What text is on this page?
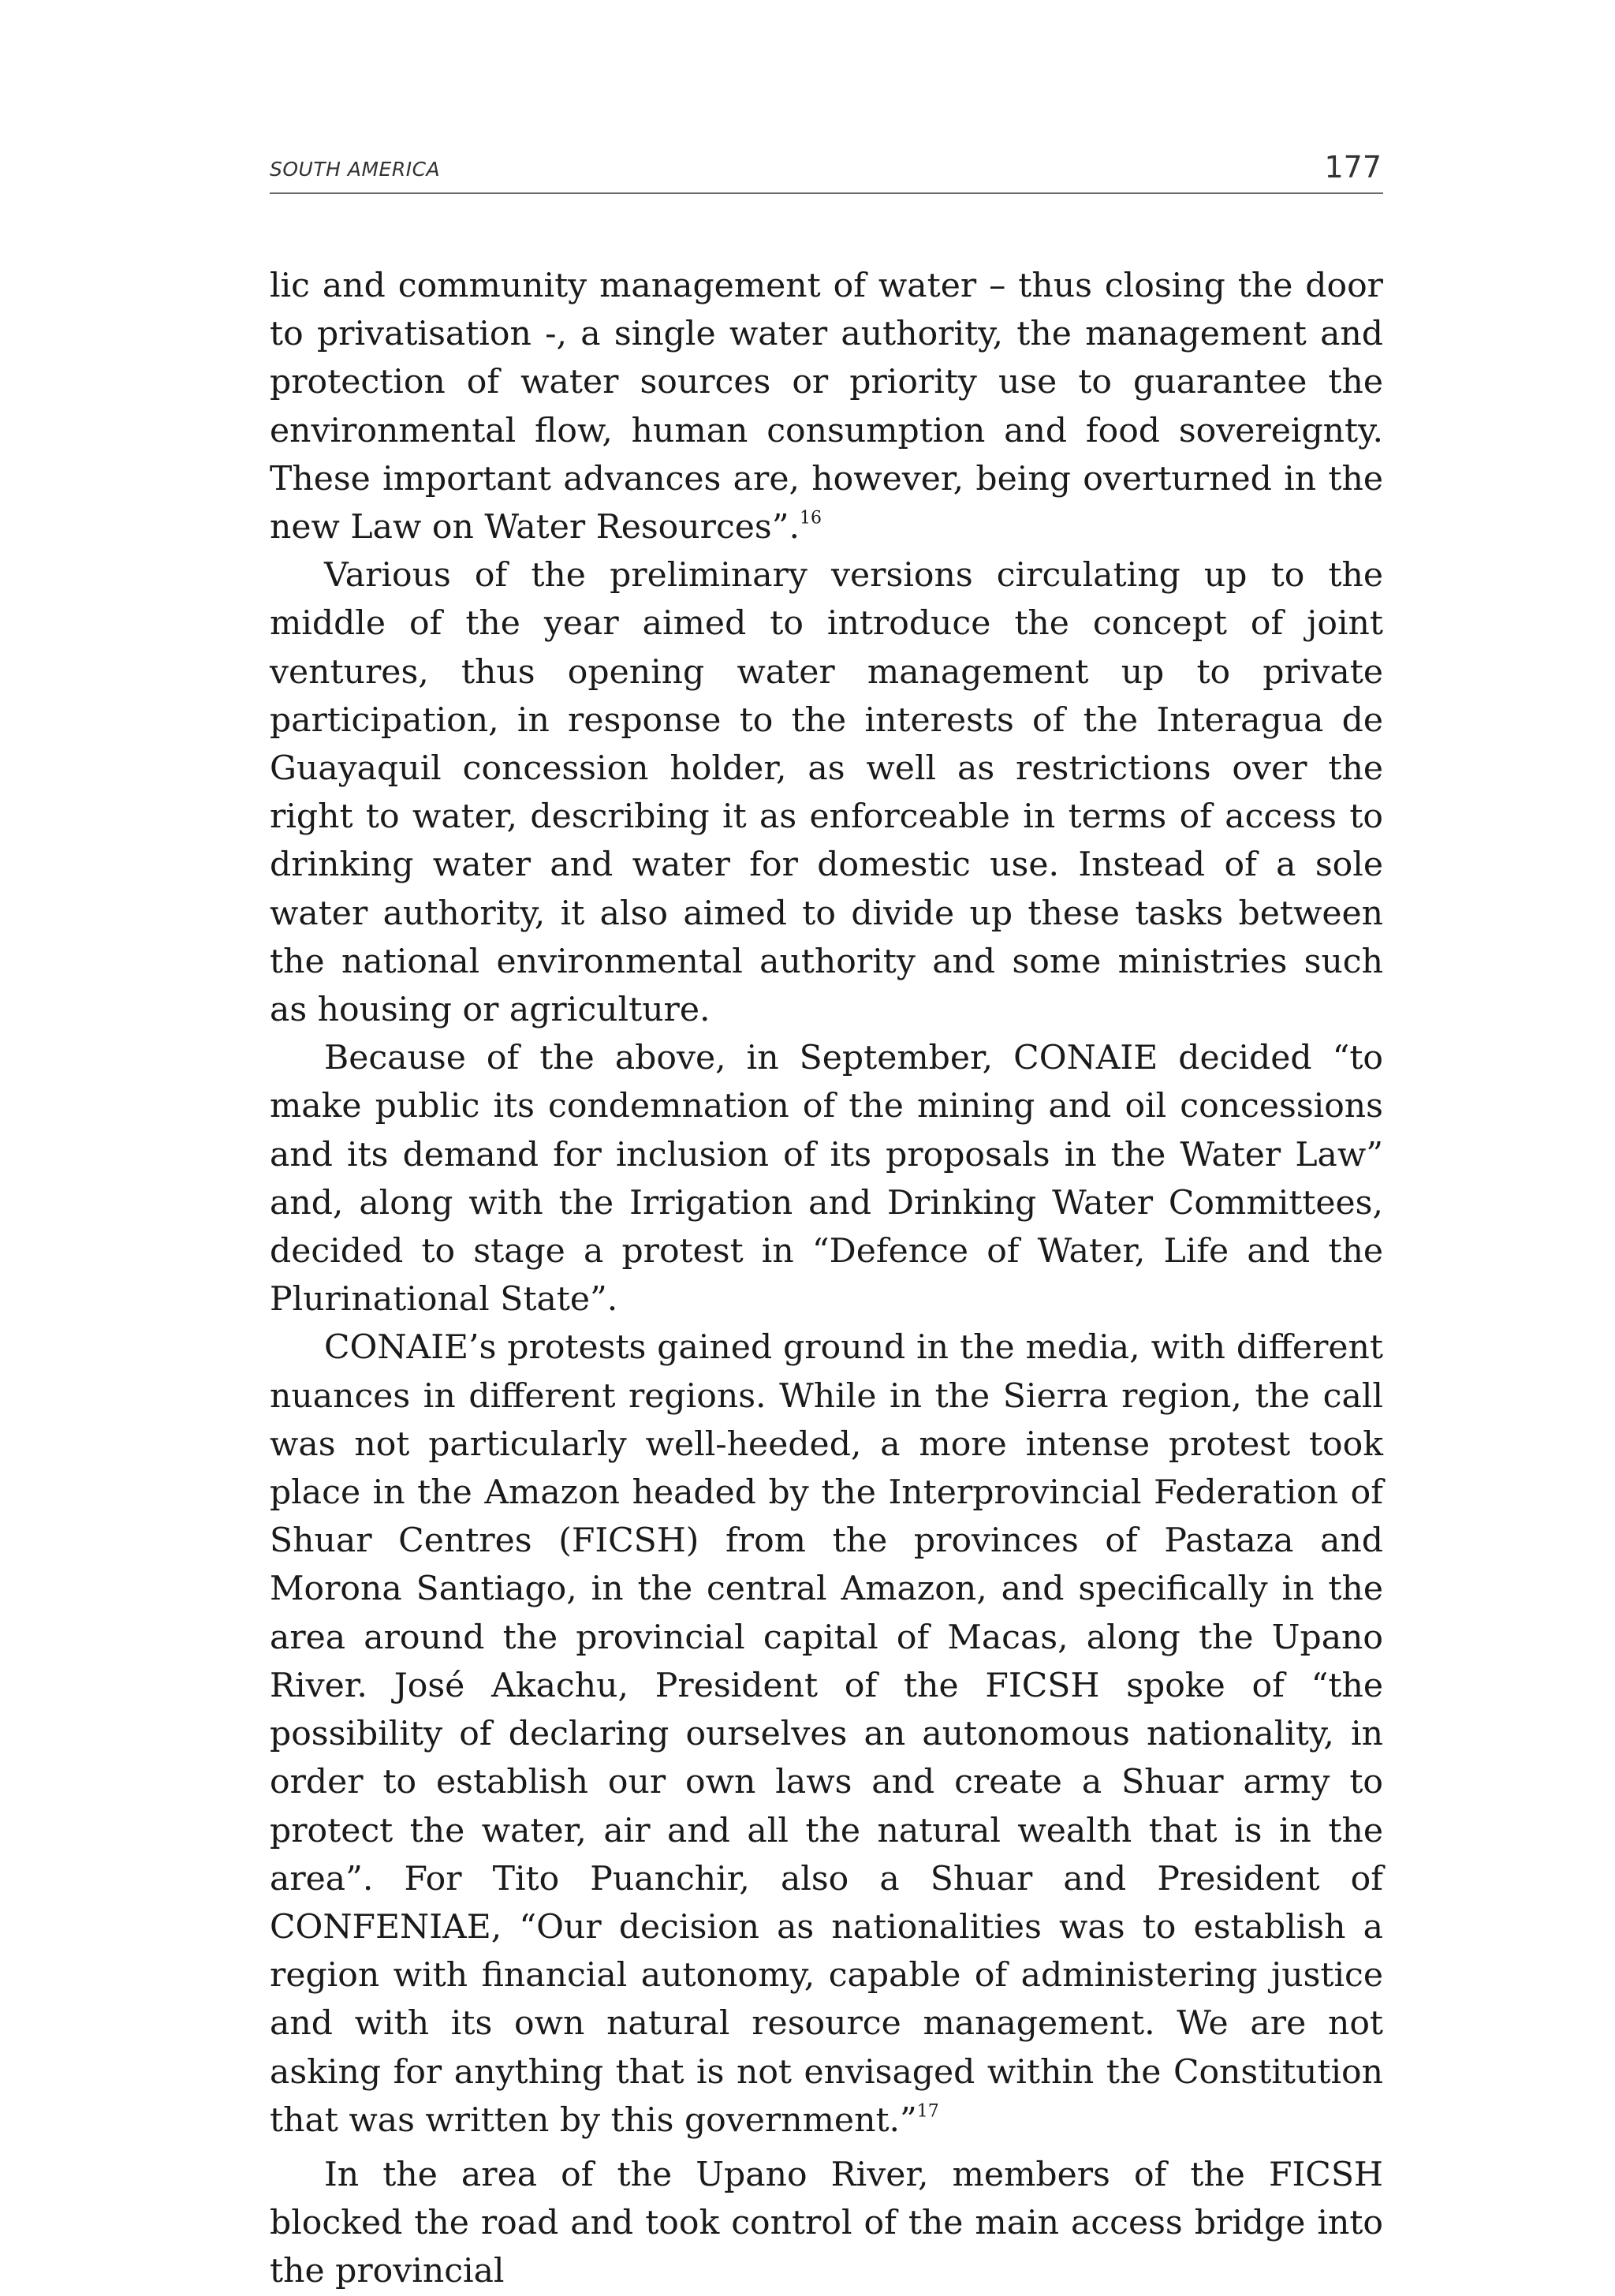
SOUTH AMERICA	177

lic and community management of water – thus closing the door to privatisation -, a single water authority, the management and protection of water sources or priority use to guarantee the environmental flow, human consumption and food sovereignty. These important advances are, however, being overturned in the new Law on Water Resources”.$^{16}$

Various of the preliminary versions circulating up to the middle of the year aimed to introduce the concept of joint ventures, thus opening water management up to private participation, in response to the interests of the Interagua de Guayaquil concession holder, as well as restrictions over the right to water, describing it as enforceable in terms of access to drinking water and water for domestic use. Instead of a sole water authority, it also aimed to divide up these tasks between the national environmental authority and some ministries such as housing or agriculture.

Because of the above, in September, CONAIE decided “to make public its condemnation of the mining and oil concessions and its demand for inclusion of its proposals in the Water Law” and, along with the Irrigation and Drinking Water Committees, decided to stage a protest in “Defence of Water, Life and the Plurinational State”.

CONAIE’s protests gained ground in the media, with different nuances in different regions. While in the Sierra region, the call was not particularly well-heeded, a more intense protest took place in the Amazon headed by the Interprovincial Federation of Shuar Centres (FICSH) from the provinces of Pastaza and Morona Santiago, in the central Amazon, and specifically in the area around the provincial capital of Macas, along the Upano River. José Akachu, President of the FICSH spoke of “the possibility of declaring ourselves an autonomous nationality, in order to establish our own laws and create a Shuar army to protect the water, air and all the natural wealth that is in the area”. For Tito Puanchir, also a Shuar and President of CONFENIAE, “Our decision as nationalities was to establish a region with financial autonomy, capable of administering justice and with its own natural resource management. We are not asking for anything that is not envisaged within the Constitution that was written by this government.”$^{17}$

In the area of the Upano River, members of the FICSH blocked the road and took control of the main access bridge into the provincial
